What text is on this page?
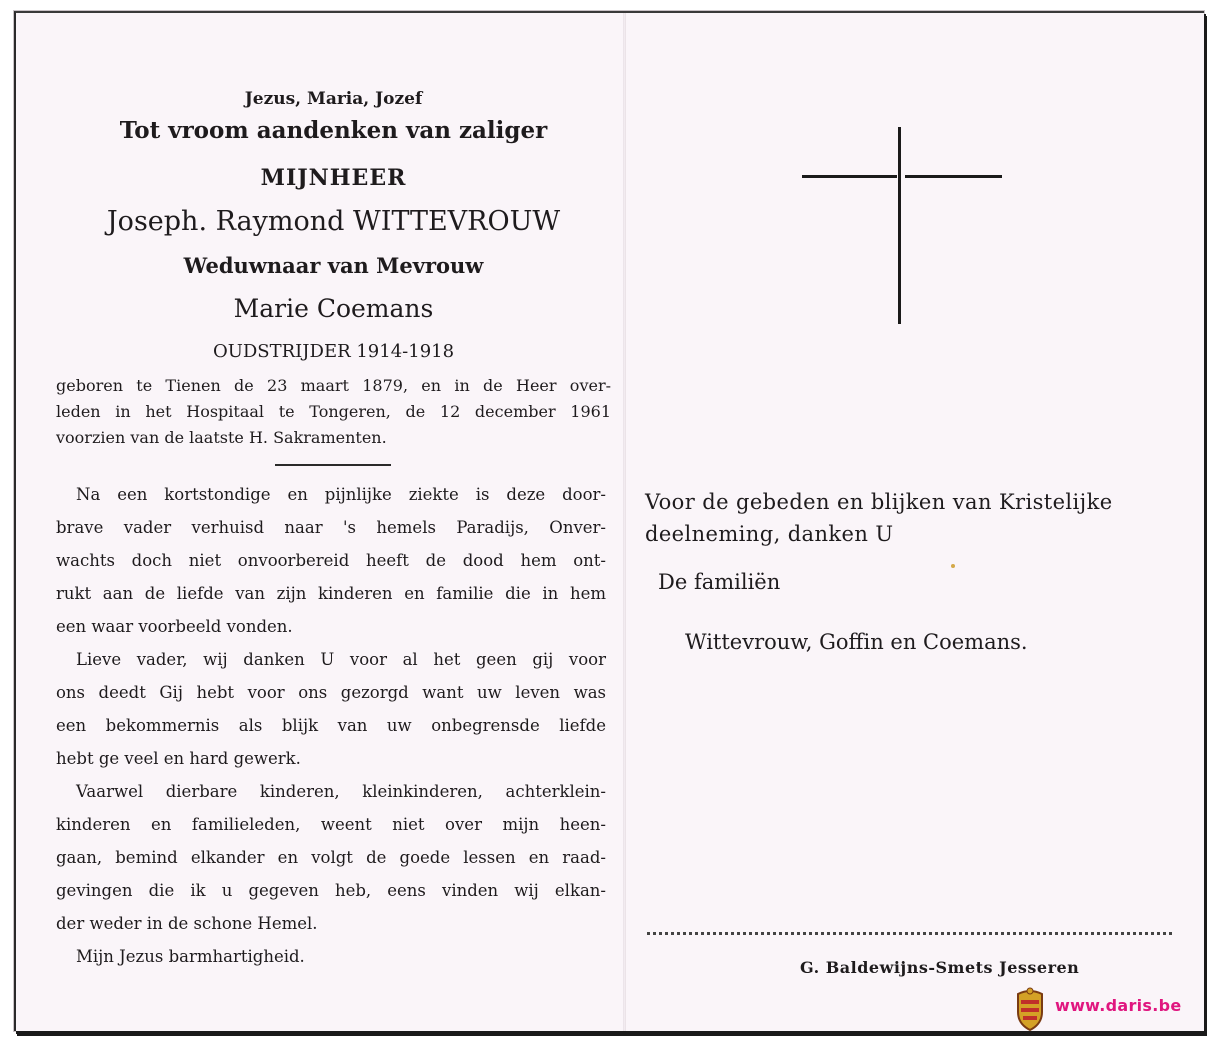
Jezus, Maria, Jozef
Tot vroom aandenken van zaliger
MIJNHEER
Joseph. Raymond WITTEVROUW
Weduwnaar van Mevrouw
Marie Coemans
OUDSTRIJDER 1914-1918
geboren te Tienen de 23 maart 1879, en in de Heer over-
leden in het Hospitaal te Tongeren, de 12 december 1961
voorzien van de laatste H. Sakramenten.
Na een kortstondige en pijnlijke ziekte is deze door-
brave vader verhuisd naar 's hemels Paradijs, Onver-
wachts doch niet onvoorbereid heeft de dood hem ont-
rukt aan de liefde van zijn kinderen en familie die in hem
een waar voorbeeld vonden.
Lieve vader, wij danken U voor al het geen gij voor
ons deedt Gij hebt voor ons gezorgd want uw leven was
een bekommernis als blijk van uw onbegrensde liefde
hebt ge veel en hard gewerk.
Vaarwel dierbare kinderen, kleinkinderen, achterklein-
kinderen en familieleden, weent niet over mijn heen-
gaan, bemind elkander en volgt de goede lessen en raad-
gevingen die ik u gegeven heb, eens vinden wij elkan-
der weder in de schone Hemel.
Mijn Jezus barmhartigheid.
Voor de gebeden en blijken van Kristelijke
deelneming, danken U
De familiën
Wittevrouw, Goffin en Coemans.
G. Baldewijns-Smets Jesseren
www.daris.be
